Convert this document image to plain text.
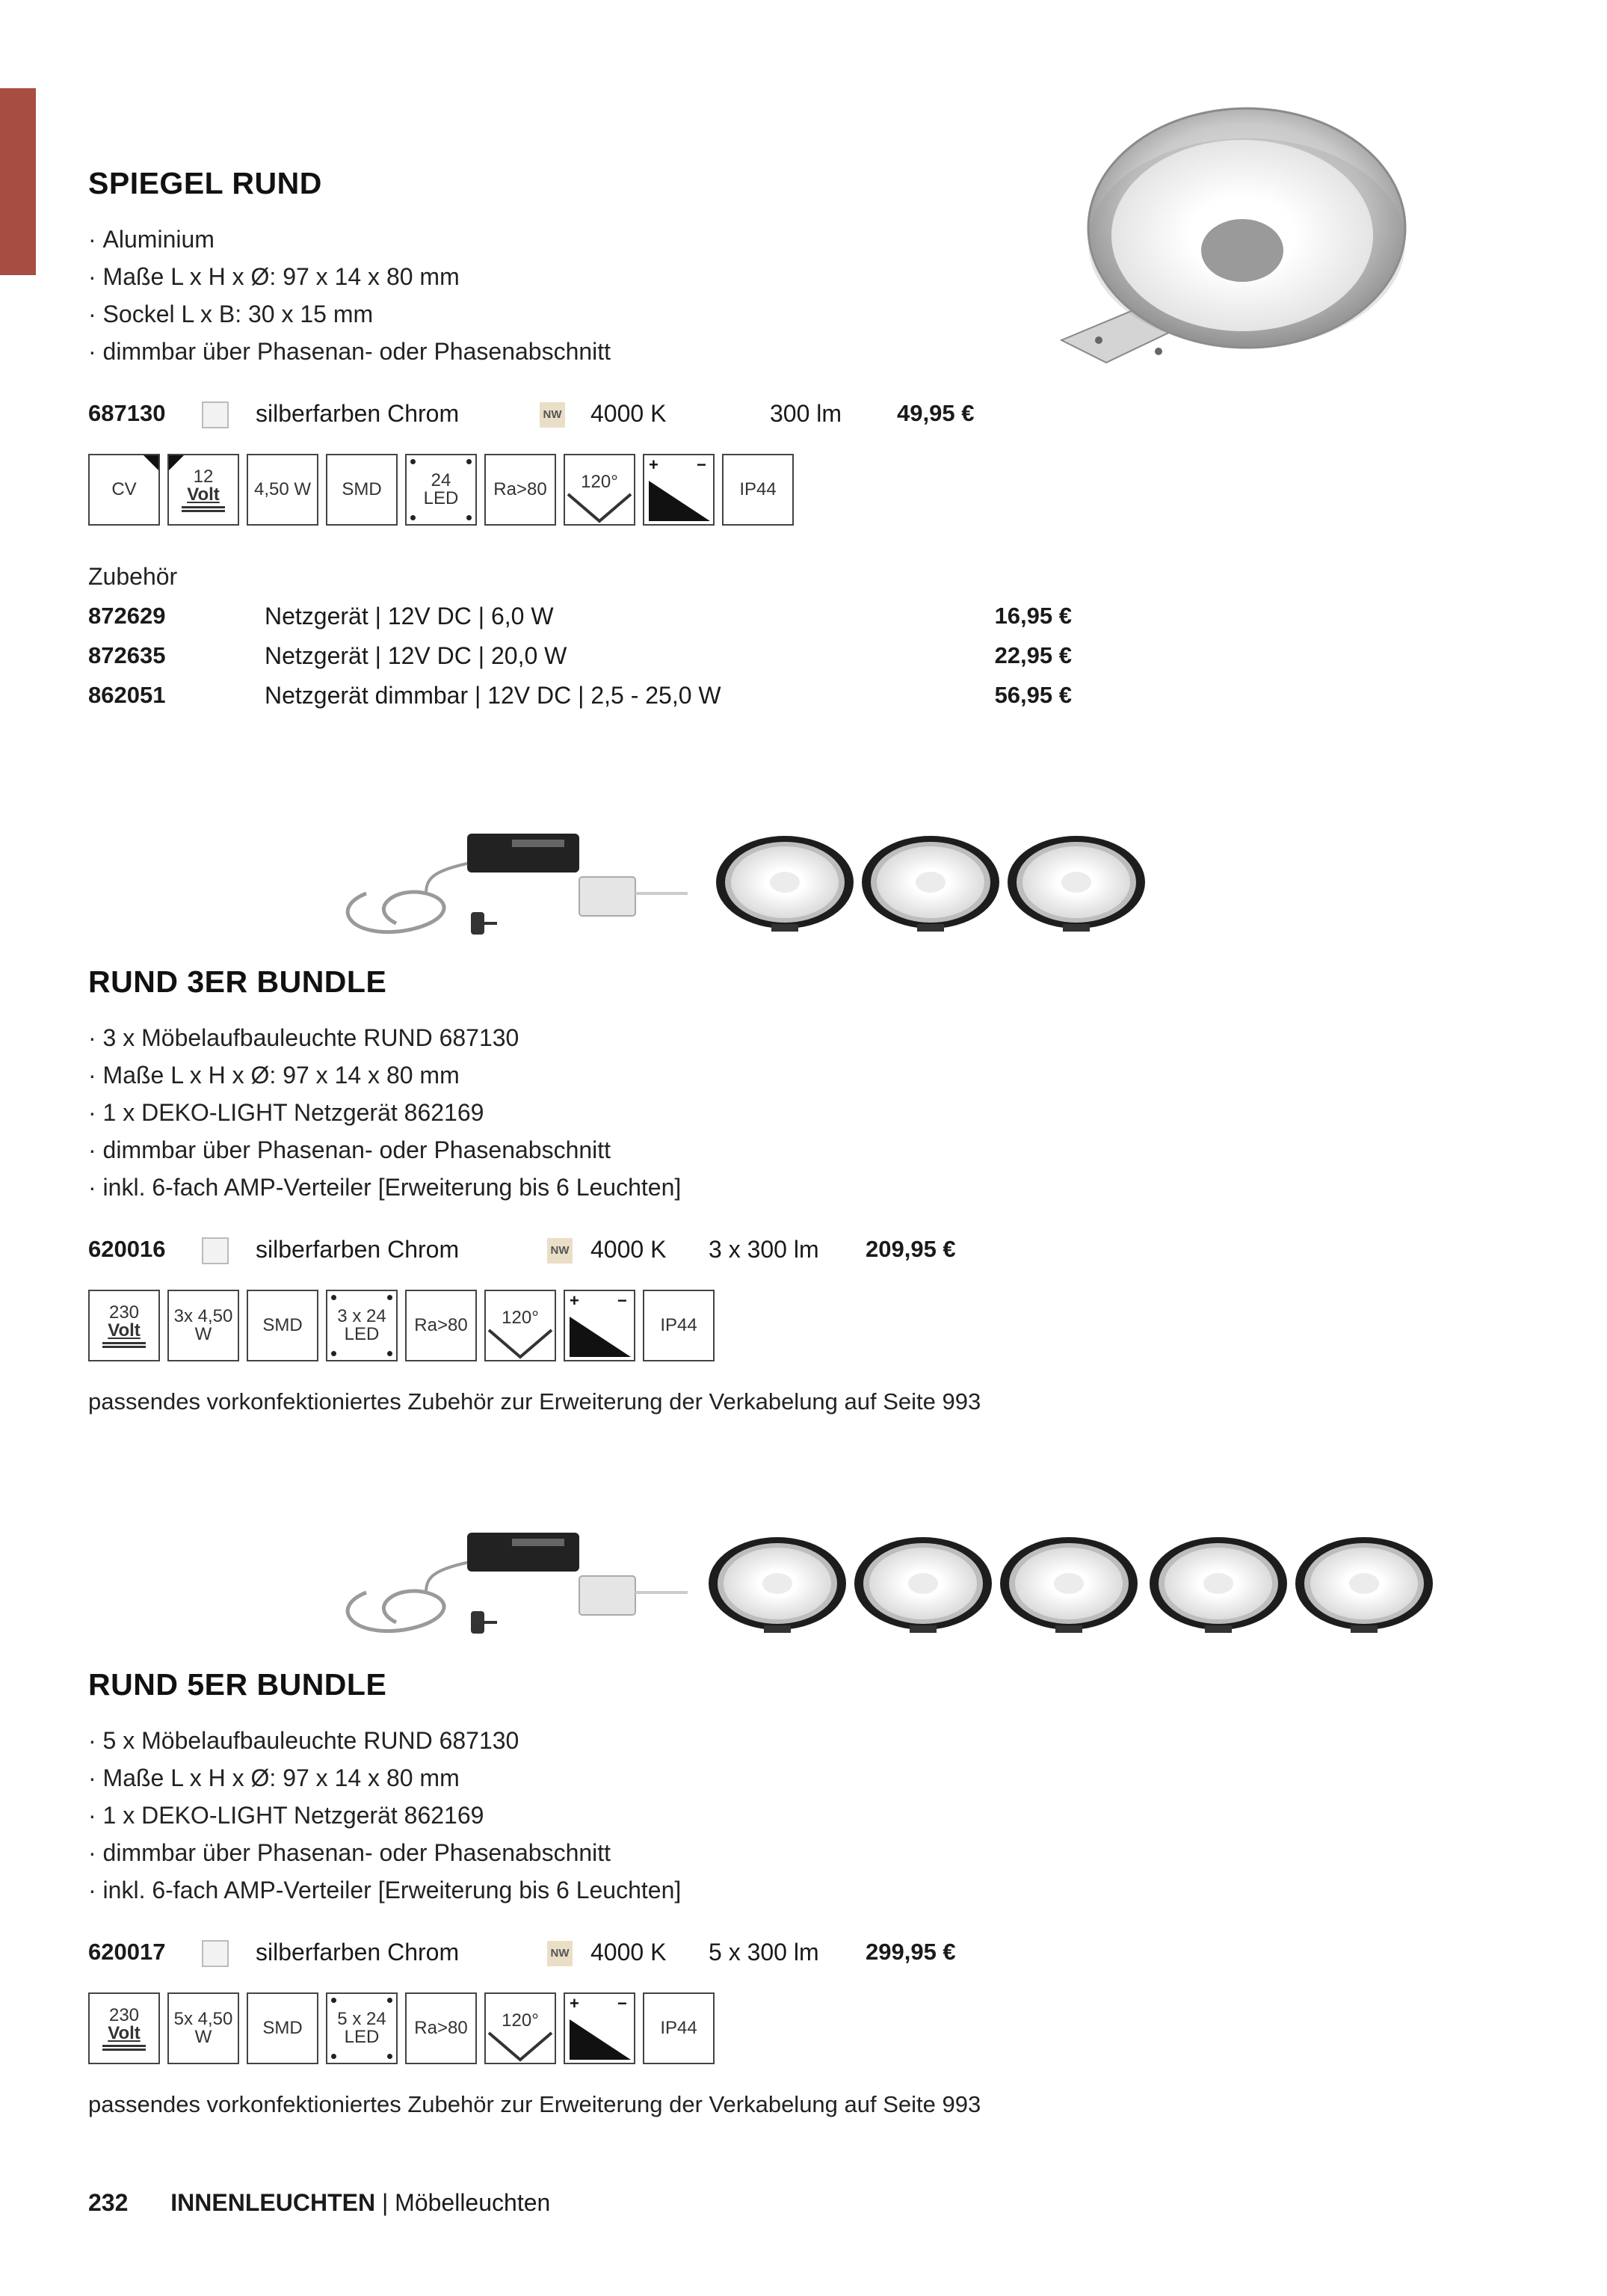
SPIEGEL RUND
· Aluminium
· Maße L x H x Ø: 97 x 14 x 80 mm
· Sockel L x B: 30 x 15 mm
· dimmbar über Phasenan- oder Phasenabschnitt
687130	silberfarben Chrom	NW 4000 K	300 lm 49,95 €
CV
12
Volt 4,50 W SMD	24
LED Ra>80 120°
+ −
IP44
Zubehör
872629	Netzgerät | 12V DC | 6,0 W	16,95 €
872635	Netzgerät | 12V DC | 20,0 W	22,95 €
862051	Netzgerät dimmbar | 12V DC | 2,5 - 25,0 W	56,95 €
RUND 3ER BUNDLE
· 3 x Möbelaufbauleuchte RUND 687130
· Maße L x H x Ø: 97 x 14 x 80 mm
· 1 x DEKO-LIGHT Netzgerät 862169
· dimmbar über Phasenan- oder Phasenabschnitt
· inkl. 6-fach AMP-Verteiler [Erweiterung bis 6 Leuchten]
620016	silberfarben Chrom	NW 4000 K 3 x 300 lm 209,95 €
230
Volt
3x 4,50
W	SMD 3 x 24
LED Ra>80 120°
+ −
IP44

passendes vorkonfektioniertes Zubehör zur Erweiterung der Verkabelung auf Seite 993

RUND 5ER BUNDLE
· 5 x Möbelaufbauleuchte RUND 687130
· Maße L x H x Ø: 97 x 14 x 80 mm
· 1 x DEKO-LIGHT Netzgerät 862169
· dimmbar über Phasenan- oder Phasenabschnitt
· inkl. 6-fach AMP-Verteiler [Erweiterung bis 6 Leuchten]
620017	silberfarben Chrom	NW 4000 K 5 x 300 lm 299,95 €
230
Volt
5x 4,50
W	SMD 5 x 24
LED Ra>80 120°
+ −
IP44

passendes vorkonfektioniertes Zubehör zur Erweiterung der Verkabelung auf Seite 993

232 INNENLEUCHTEN | Möbelleuchten
